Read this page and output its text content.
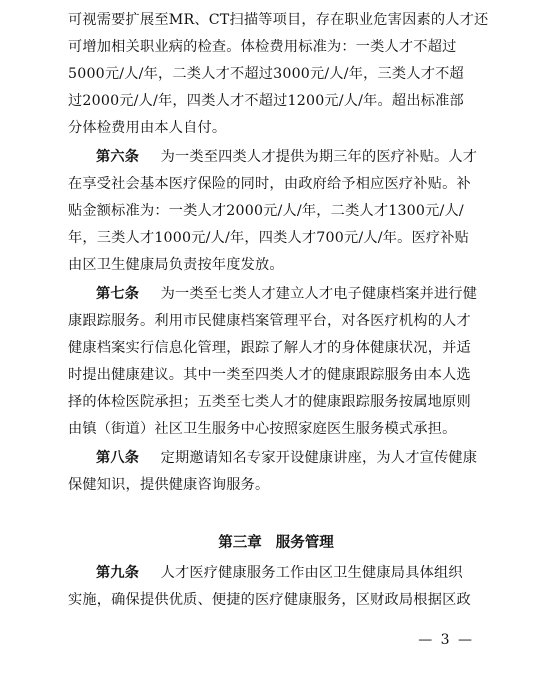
可视需要扩展至MR、CT扫描等项目，存在职业危害因素的人才还
可增加相关职业病的检查。体检费用标准为：一类人才不超过
5000元/人/年，二类人才不超过3000元/人/年，三类人才不超
过2000元/人/年，四类人才不超过1200元/人/年。超出标准部
分体检费用由本人自付。
第六条 为一类至四类人才提供为期三年的医疗补贴。人才
在享受社会基本医疗保险的同时，由政府给予相应医疗补贴。补
贴金额标准为：一类人才2000元/人/年，二类人才1300元/人/
年，三类人才1000元/人/年，四类人才700元/人/年。医疗补贴
由区卫生健康局负责按年度发放。
第七条 为一类至七类人才建立人才电子健康档案并进行健
康跟踪服务。利用市民健康档案管理平台，对各医疗机构的人才
健康档案实行信息化管理，跟踪了解人才的身体健康状况，并适
时提出健康建议。其中一类至四类人才的健康跟踪服务由本人选
择的体检医院承担；五类至七类人才的健康跟踪服务按属地原则
由镇（街道）社区卫生服务中心按照家庭医生服务模式承担。
第八条 定期邀请知名专家开设健康讲座，为人才宣传健康
保健知识，提供健康咨询服务。
第三章 服务管理
第九条 人才医疗健康服务工作由区卫生健康局具体组织
实施，确保提供优质、便捷的医疗健康服务，区财政局根据区政
— 3 —
